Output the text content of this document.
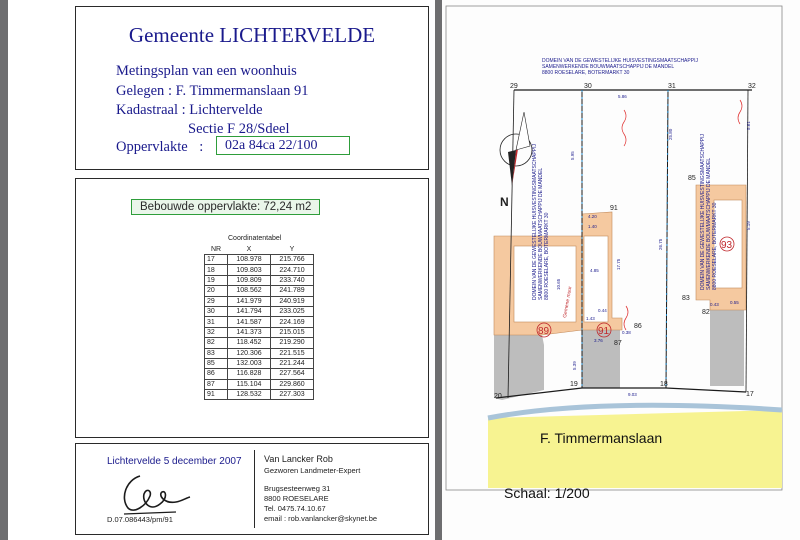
Gemeente LICHTERVELDE
Metingsplan van een woonhuis
Gelegen : F. Timmermanslaan 91
Kadastraal : Lichtervelde
Sectie F 28/Sdeel
Oppervlakte :	02a 84ca 22/100
Bebouwde oppervlakte: 72,24 m2
Coordinatentabel
NR	X	Y
17	108.978	215.766
18	109.803	224.710
19	109.809	233.740
20	108.562	241.789
29	141.979	240.919
30	141.794	233.025
31	141.587	224.169
32	141.373	215.015
82	118.452	219.290
83	120.306	221.515
85	132.003	221.244
86	116.828	227.564
87	115.104	229.860
91	128.532	227.303
Lichtervelde 5 december 2007
D.07.086443/pm/91
Van Lancker Rob
Gezworen Landmeter-Expert
Brugsesteenweg 31
8800 ROESELARE
Tel. 0475.74.10.67
email : rob.vanlancker@skynet.be
F. Timmermanslaan
Schaal: 1/200
DOMEIN VAN DE GEWESTELIJKE HUISVESTINGSMAATSCHAPPIJ
SAMENWERKENDE BOUWMAATSCHAPPIJ DE MANDEL
8800 ROESELARE, BOTERMARKT 30
DOMEIN VAN DE GEWESTELIJKE HUISVESTINGSMAATSCHAPPIJ SAMENWERKENDE BOUWMAATSCHAPPIJ DE MANDEL 8800 ROESELARE, BOTERMARKT 30	DOMEIN VAN DE GEWESTELIJKE HUISVESTINGSMAATSCHAPPIJ SAMENWERKENDE BOUWMAATSCHAPPIJ DE MANDEL 8800 ROESELARE, BOTERMARKT 30
N
Gemene muur
89	91
93
29	30	31	32
85
91
83
82
86
87
17
18
19
20
5.86
5.95
4.20
1.40
17.75
10.65
4.85
0.44
1.43
3.76
0.38
5.39
9.03
26.75
25.80
5.61
5.19
0.55
0.43
